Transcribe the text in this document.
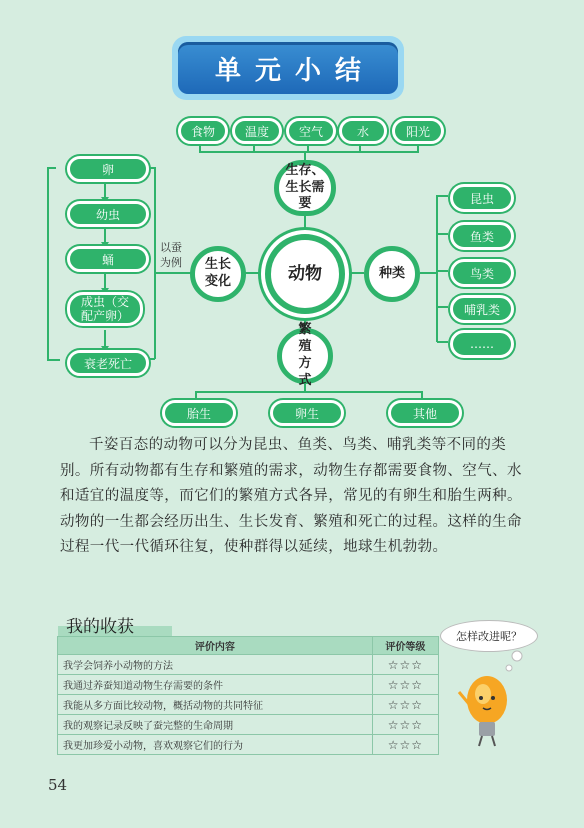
单元小结
食物	温度	空气	水	阳光
生存、生长需要
动物
生长变化
种类
繁殖方式
卵
幼虫
蛹
成虫（交配产卵）
衰老死亡
以蚕为例
昆虫
鱼类
鸟类
哺乳类
……
胎生	卵生	其他
千姿百态的动物可以分为昆虫、鱼类、鸟类、哺乳类等不同的类别。所有动物都有生存和繁殖的需求，动物生存都需要食物、空气、水和适宜的温度等，而它们的繁殖方式各异，常见的有卵生和胎生两种。动物的一生都会经历出生、生长发育、繁殖和死亡的过程。这样的生命过程一代一代循环往复，使种群得以延续，地球生机勃勃。
我的收获
评价内容	评价等级
我学会饲养小动物的方法	☆☆☆
我通过养蚕知道动物生存需要的条件	☆☆☆
我能从多方面比较动物，概括动物的共同特征	☆☆☆
我的观察记录反映了蚕完整的生命周期	☆☆☆
我更加珍爱小动物，喜欢观察它们的行为	☆☆☆
怎样改进呢？
54
